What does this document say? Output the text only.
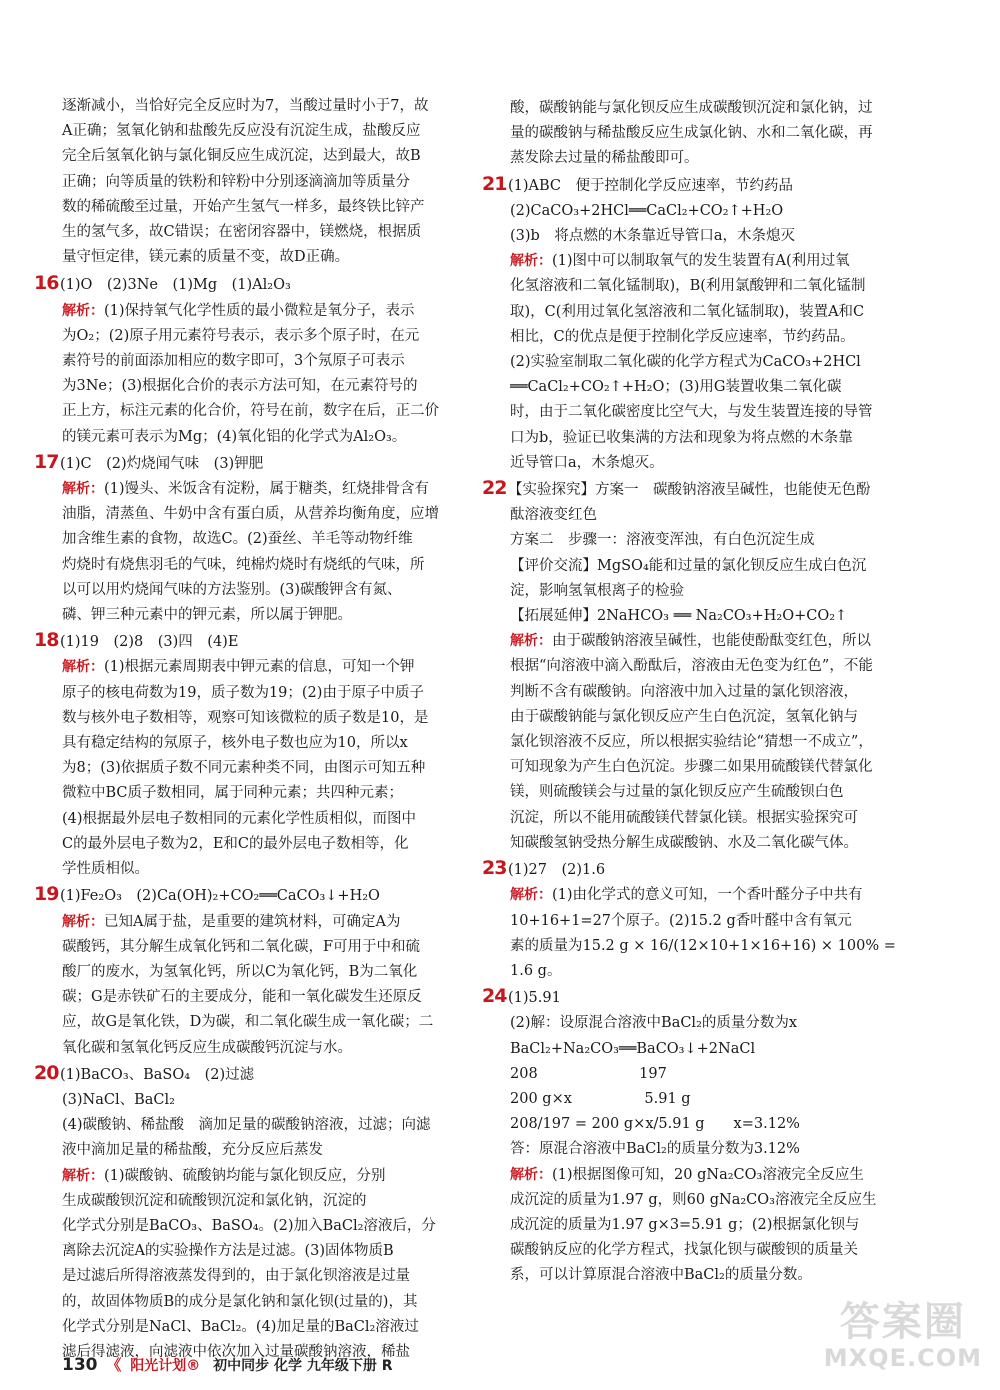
逐渐减小，当恰好完全反应时为7，当酸过量时小于7，故

A正确；氢氧化钠和盐酸先反应没有沉淀生成，盐酸反应

完全后氢氧化钠与氯化铜反应生成沉淀，达到最大，故B

正确；向等质量的铁粉和锌粉中分别逐滴滴加等质量分

数的稀硫酸至过量，开始产生氢气一样多，最终铁比锌产

生的氢气多，故C错误；在密闭容器中，镁燃烧，根据质

量守恒定律，镁元素的质量不变，故D正确。

16 (1)O　(2)3Ne　(1)Mg　(1)Al₂O₃

解析：(1)保持氧气化学性质的最小微粒是氧分子，表示

为O₂；(2)原子用元素符号表示，表示多个原子时，在元

素符号的前面添加相应的数字即可，3个氖原子可表示

为3Ne；(3)根据化合价的表示方法可知，在元素符号的

正上方，标注元素的化合价，符号在前，数字在后，正二价

的镁元素可表示为Mg；(4)氧化铝的化学式为Al₂O₃。

17 (1)C　(2)灼烧闻气味　(3)钾肥

解析：(1)馒头、米饭含有淀粉，属于糖类，红烧排骨含有

油脂，清蒸鱼、牛奶中含有蛋白质，从营养均衡角度，应增

加含维生素的食物，故选C。(2)蚕丝、羊毛等动物纤维

灼烧时有烧焦羽毛的气味，纯棉灼烧时有烧纸的气味，所

以可以用灼烧闻气味的方法鉴别。(3)碳酸钾含有氮、

磷、钾三种元素中的钾元素，所以属于钾肥。

18 (1)19　(2)8　(3)四　(4)E

解析：(1)根据元素周期表中钾元素的信息，可知一个钾

原子的核电荷数为19，质子数为19；(2)由于原子中质子

数与核外电子数相等，观察可知该微粒的质子数是10，是

具有稳定结构的氖原子，核外电子数也应为10，所以x

为8；(3)依据质子数不同元素种类不同，由图示可知五种

微粒中BC质子数相同，属于同种元素；共四种元素；

(4)根据最外层电子数相同的元素化学性质相似，而图中

C的最外层电子数为2，E和C的最外层电子数相等，化

学性质相似。

19 (1)Fe₂O₃　(2)Ca(OH)₂+CO₂══CaCO₃↓+H₂O

解析：已知A属于盐，是重要的建筑材料，可确定A为

碳酸钙，其分解生成氧化钙和二氧化碳，F可用于中和硫

酸厂的废水，为氢氧化钙，所以C为氧化钙，B为二氧化

碳；G是赤铁矿石的主要成分，能和一氧化碳发生还原反

应，故G是氧化铁，D为碳，和二氧化碳生成一氧化碳；二

氧化碳和氢氧化钙反应生成碳酸钙沉淀与水。

20 (1)BaCO₃、BaSO₄　(2)过滤

(3)NaCl、BaCl₂

(4)碳酸钠、稀盐酸　滴加足量的碳酸钠溶液，过滤；向滤

液中滴加足量的稀盐酸，充分反应后蒸发

解析：(1)碳酸钠、硫酸钠均能与氯化钡反应，分别

生成碳酸钡沉淀和硫酸钡沉淀和氯化钠，沉淀的

化学式分别是BaCO₃、BaSO₄。(2)加入BaCl₂溶液后，分

离除去沉淀A的实验操作方法是过滤。(3)固体物质B

是过滤后所得溶液蒸发得到的，由于氯化钡溶液是过量

的，故固体物质B的成分是氯化钠和氯化钡(过量的)，其

化学式分别是NaCl、BaCl₂。(4)加足量的BaCl₂溶液过

滤后得滤液，向滤液中依次加入过量碳酸钠溶液，稀盐

酸，碳酸钠能与氯化钡反应生成碳酸钡沉淀和氯化钠，过

量的碳酸钠与稀盐酸反应生成氯化钠、水和二氧化碳，再

蒸发除去过量的稀盐酸即可。

21 (1)ABC　便于控制化学反应速率，节约药品

(2)CaCO₃+2HCl══CaCl₂+CO₂↑+H₂O

(3)b　将点燃的木条靠近导管口a，木条熄灭

解析：(1)图中可以制取氧气的发生装置有A(利用过氧

化氢溶液和二氧化锰制取)，B(利用氯酸钾和二氧化锰制

取)，C(利用过氧化氢溶液和二氧化锰制取)，装置A和C

相比，C的优点是便于控制化学反应速率，节约药品。

(2)实验室制取二氧化碳的化学方程式为CaCO₃+2HCl

══CaCl₂+CO₂↑+H₂O；(3)用G装置收集二氧化碳

时，由于二氧化碳密度比空气大，与发生装置连接的导管

口为b，验证已收集满的方法和现象为将点燃的木条靠

近导管口a，木条熄灭。

22 【实验探究】方案一　碳酸钠溶液呈碱性，也能使无色酚

酞溶液变红色

方案二　步骤一：溶液变浑浊，有白色沉淀生成

【评价交流】MgSO₄能和过量的氯化钡反应生成白色沉

淀，影响氢氧根离子的检验

【拓展延伸】2NaHCO₃ ══ Na₂CO₃+H₂O+CO₂↑

解析：由于碳酸钠溶液呈碱性，也能使酚酞变红色，所以

根据“向溶液中滴入酚酞后，溶液由无色变为红色”，不能

判断不含有碳酸钠。向溶液中加入过量的氯化钡溶液，

由于碳酸钠能与氯化钡反应产生白色沉淀，氢氧化钠与

氯化钡溶液不反应，所以根据实验结论“猜想一不成立”，

可知现象为产生白色沉淀。步骤二如果用硫酸镁代替氯化

镁，则硫酸镁会与过量的氯化钡反应产生硫酸钡白色

沉淀，所以不能用硫酸镁代替氯化镁。根据实验探究可

知碳酸氢钠受热分解生成碳酸钠、水及二氧化碳气体。

23 (1)27　(2)1.6

解析：(1)由化学式的意义可知，一个香叶醛分子中共有

10+16+1=27个原子。(2)15.2 g香叶醛中含有氧元

素的质量为15.2 g × 16/(12×10+1×16+16) × 100% =

1.6 g。

24 (1)5.91

(2)解：设原混合溶液中BaCl₂的质量分数为x

BaCl₂+Na₂CO₃══BaCO₃↓+2NaCl

208　　　　　　　197

200 g×x　　　　　5.91 g

208/197 = 200 g×x/5.91 g　　x=3.12%

答：原混合溶液中BaCl₂的质量分数为3.12%

解析：(1)根据图像可知，20 gNa₂CO₃溶液完全反应生

成沉淀的质量为1.97 g，则60 gNa₂CO₃溶液完全反应生

成沉淀的质量为1.97 g×3=5.91 g；(2)根据氯化钡与

碳酸钠反应的化学方程式，找氯化钡与碳酸钡的质量关

系，可以计算原混合溶液中BaCl₂的质量分数。

130 《 阳光计划® 初中同步 化学 九年级下册 R
答案圈
MXQE.COM
